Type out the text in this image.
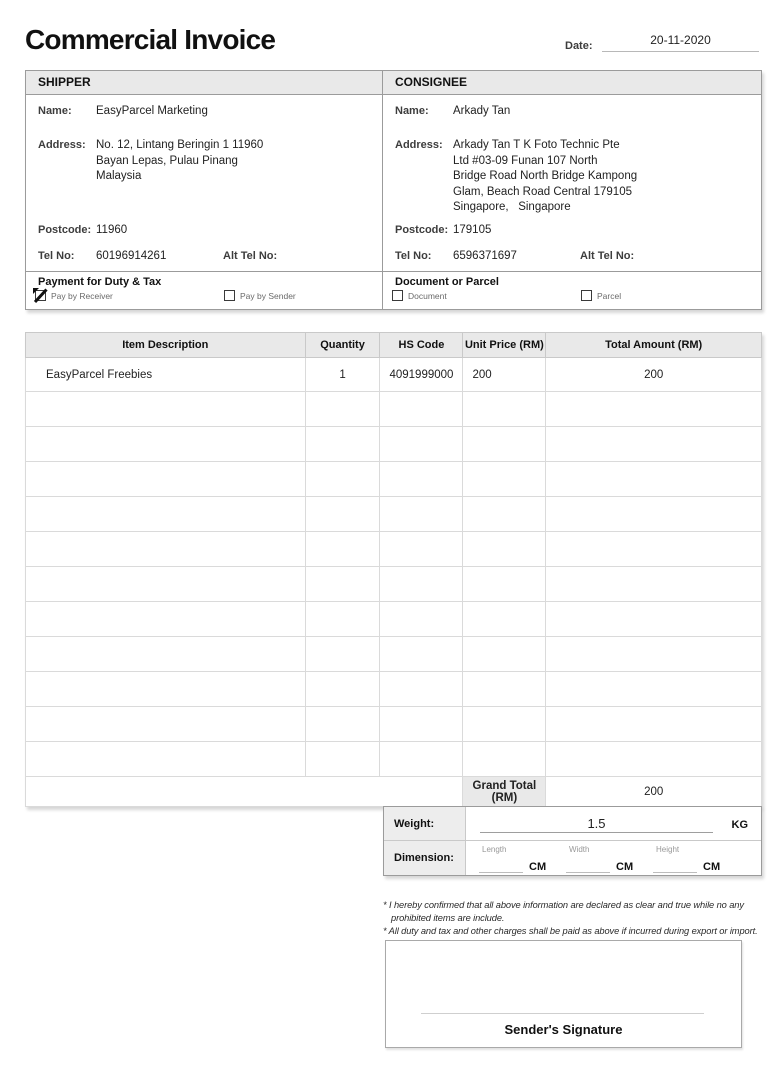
Commercial Invoice	Date:	20-11-2020
SHIPPER	CONSIGNEE
Name:	EasyParcel Marketing
Address: No. 12, Lintang Beringin 1 11960
Bayan Lepas, Pulau Pinang
Malaysia
Postcode: 11960
Tel No:	60196914261	Alt Tel No:
Name:	Arkady Tan
Address: Arkady Tan T K Foto Technic Pte
Ltd #03-09 Funan 107 North
Bridge Road North Bridge Kampong
Glam, Beach Road Central 179105
Singapore,   Singapore
Postcode: 179105
Tel No:	6596371697	Alt Tel No:
Payment for Duty & Tax
Pay by Receiver	Pay by Sender
Document or Parcel
Document	Parcel
Item Description	Quantity	HS Code	Unit Price (RM)	Total Amount (RM)
EasyParcel Freebies	1	4091999000	200	200

			Grand Total (RM)	200
Weight:	1.5	KG
Dimension:
Length
CM
Width
CM
Height
CM
* I hereby confirmed that all above information are declared as clear and true while no any prohibited items are include.
* All duty and tax and other charges shall be paid as above if incurred during export or import.
Sender's Signature
